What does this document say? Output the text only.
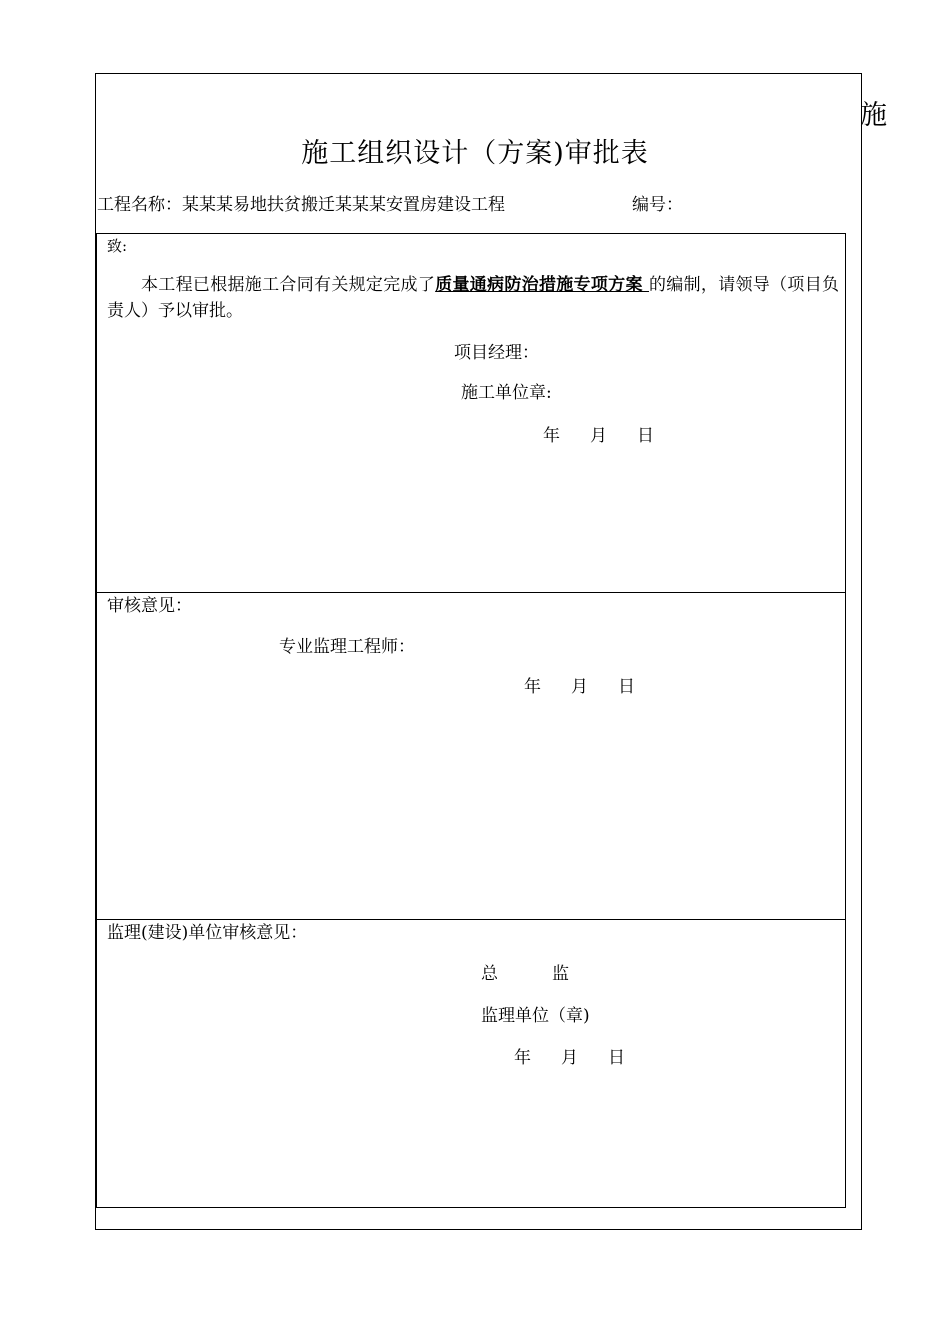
施
施工组织设计（方案)审批表
工程名称：某某某易地扶贫搬迁某某某安置房建设工程	编号：
致:
本工程已根据施工合同有关规定完成了质量通病防治措施专项方案 的编制，请领导（项目负责人）予以审批。
项目经理：
施工单位章:
年 月 日
审核意见：
专业监理工程师：
年 月 日
监理(建设)单位审核意见：
总          监
监理单位（章)
年 月 日
